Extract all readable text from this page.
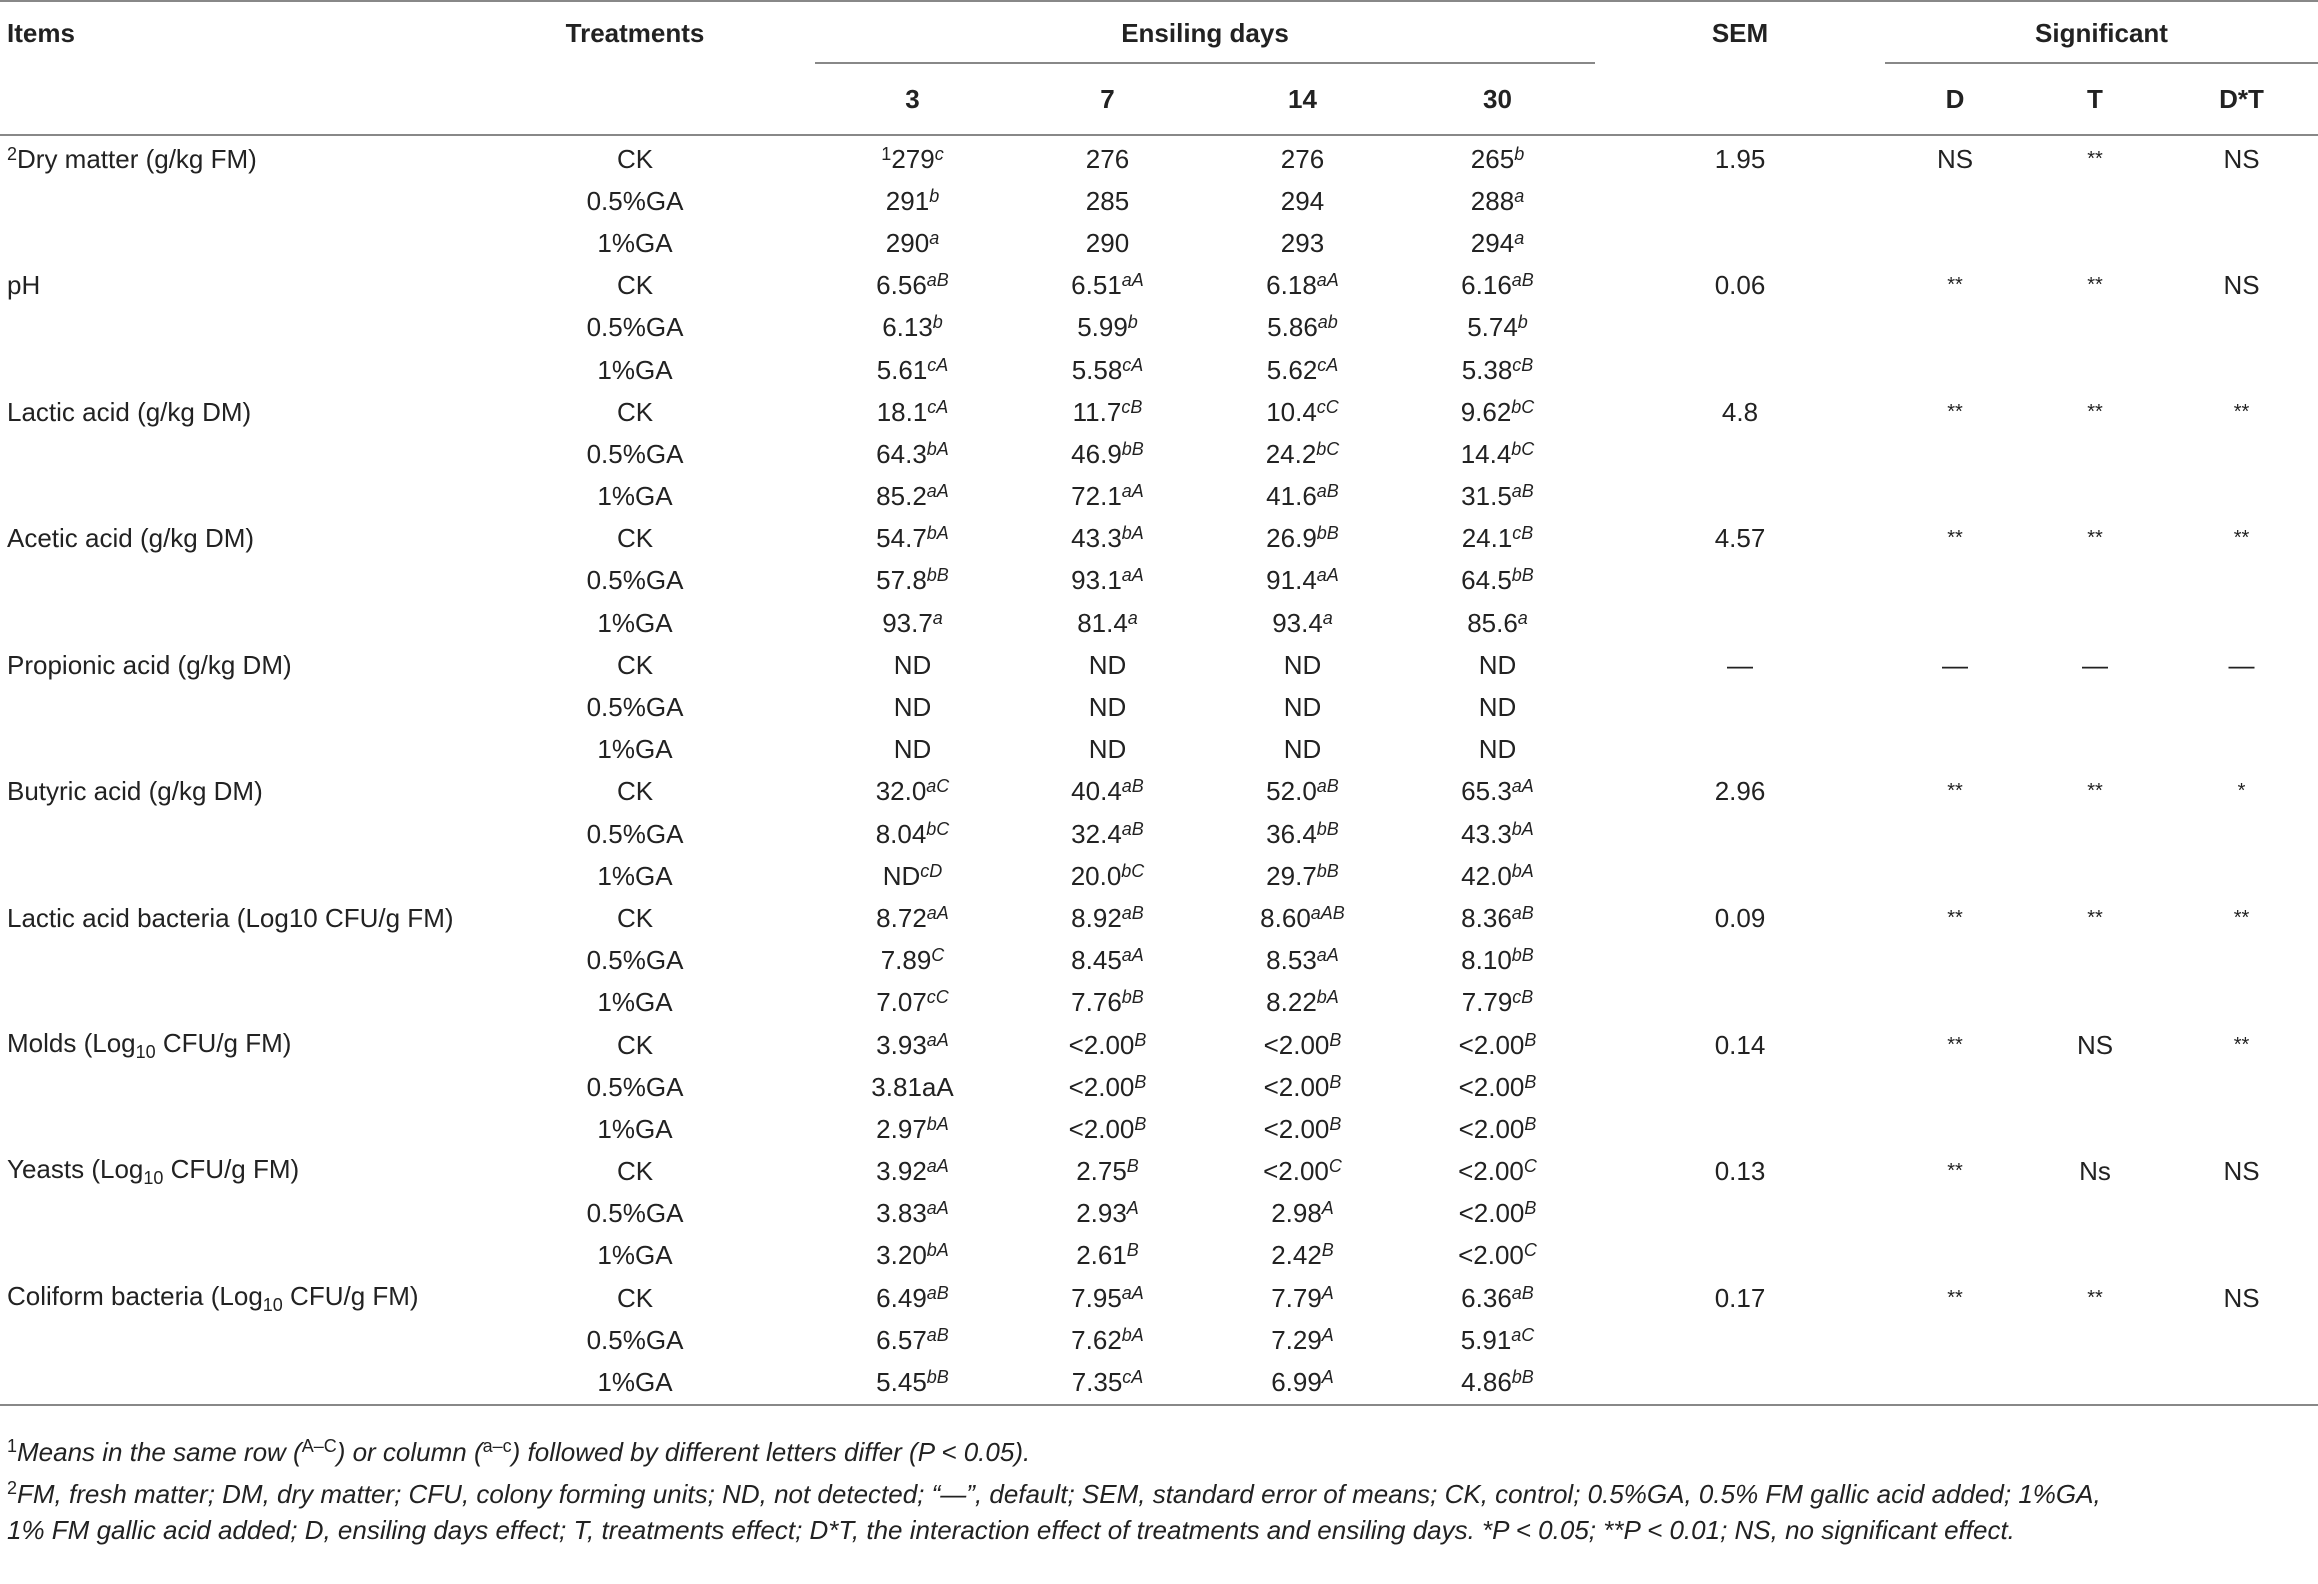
Items	Treatments		Ensiling days					SEM		Significant		
			3	7	14	30				D	T	D*T
$^2$Dry matter (g/kg FM)	CK		$^1$279$^c$	276	276	265$^b$		1.95		NS	**	NS
	0.5%GA		291$^b$	285	294	288$^a$						
	1%GA		290$^a$	290	293	294$^a$						
pH	CK		$6.56^{aB}$	$6.51^{aA}$	$6.18^{aA}$	$6.16^{aB}$		0.06		**	**	NS
	0.5%GA		6.13$^b$	5.99$^b$	5.86$^{ab}$	5.74$^b$						
	1%GA		$5.61^{cA}$	$5.58^{cA}$	$5.62^{cA}$	$5.38^{cB}$						
Lactic acid (g/kg DM)	CK		$18.1^{cA}$	$11.7^{cB}$	$10.4^{cC}$	$9.62^{bC}$		4.8		**	**	**
	0.5%GA		$64.3^{bA}$	$46.9^{bB}$	$24.2^{bC}$	$14.4^{bC}$						
	1%GA		$85.2^{aA}$	$72.1^{aA}$	$41.6^{aB}$	$31.5^{aB}$						
Acetic acid (g/kg DM)	CK		$54.7^{bA}$	$43.3^{bA}$	$26.9^{bB}$	$24.1^{cB}$		4.57		**	**	**
	0.5%GA		$57.8^{bB}$	$93.1^{aA}$	$91.4^{aA}$	$64.5^{bB}$						
	1%GA		93.7$^a$	81.4$^a$	93.4$^a$	85.6$^a$						
Propionic acid (g/kg DM)	CK		ND	ND	ND	ND		—		—	—	—
	0.5%GA		ND	ND	ND	ND						
	1%GA		ND	ND	ND	ND						
Butyric acid (g/kg DM)	CK		$32.0^{aC}$	$40.4^{aB}$	$52.0^{aB}$	$65.3^{aA}$		2.96		**	**	*
	0.5%GA		$8.04^{bC}$	$32.4^{aB}$	$36.4^{bB}$	$43.3^{bA}$						
	1%GA		$ND^{cD}$	$20.0^{bC}$	$29.7^{bB}$	$42.0^{bA}$						
Lactic acid bacteria (Log10 CFU/g FM)	CK		$8.72^{aA}$	$8.92^{aB}$	$8.60^{aAB}$	$8.36^{aB}$		0.09		**	**	**
	0.5%GA		$7.89^C$	$8.45^{aA}$	$8.53^{aA}$	$8.10^{bB}$						
	1%GA		$7.07^{cC}$	$7.76^{bB}$	$8.22^{bA}$	$7.79^{cB}$						
Molds (Log$_{10}$ CFU/g FM)	CK		$3.93^{aA}$	$<2.00^B$	$<2.00^B$	$<2.00^B$		0.14		**	NS	**
	0.5%GA		3.81aA	$<2.00^B$	$<2.00^B$	$<2.00^B$						
	1%GA		$2.97^{bA}$	$<2.00^B$	$<2.00^B$	$<2.00^B$						
Yeasts (Log$_{10}$ CFU/g FM)	CK		$3.92^{aA}$	$2.75^B$	$<2.00^C$	$<2.00^C$		0.13		**	Ns	NS
	0.5%GA		$3.83^{aA}$	$2.93^A$	$2.98^A$	$<2.00^B$						
	1%GA		$3.20^{bA}$	$2.61^B$	$2.42^B$	$<2.00^C$						
Coliform bacteria (Log$_{10}$ CFU/g FM)	CK		$6.49^{aB}$	$7.95^{aA}$	$7.79^A$	$6.36^{aB}$		0.17		**	**	NS
	0.5%GA		$6.57^{aB}$	$7.62^{bA}$	$7.29^A$	$5.91^{aC}$						
	1%GA		$5.45^{bB}$	$7.35^{cA}$	$6.99^A$	$4.86^{bB}$						

$^1$Means in the same row ($^{A-C}$) or column ($^{a-c}$) followed by different letters differ (P < 0.05).

$^2$FM, fresh matter; DM, dry matter; CFU, colony forming units; ND, not detected; “—”, default; SEM, standard error of means; CK, control; 0.5%GA, 0.5% FM gallic acid added; 1%GA, 1% FM gallic acid added; D, ensiling days effect; T, treatments effect; D*T, the interaction effect of treatments and ensiling days. *P < 0.05; **P < 0.01; NS, no significant effect.
